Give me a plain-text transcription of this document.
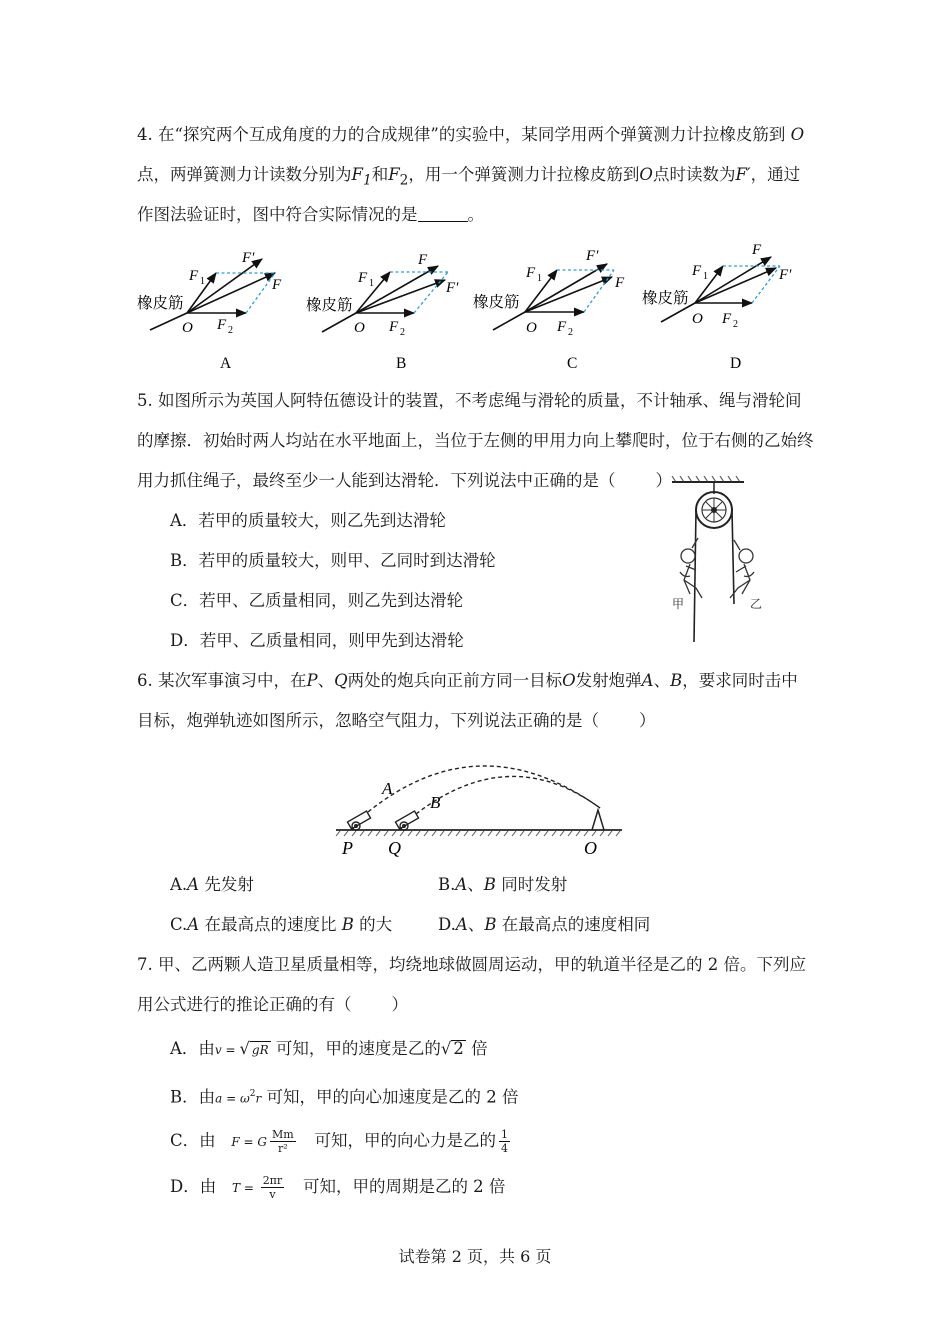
4. 在“探究两个互成角度的力的合成规律”的实验中，某同学用两个弹簧测力计拉橡皮筋到 O
点，两弹簧测力计读数分别为$F_1$和$F_2$，用一个弹簧测力计拉橡皮筋到O点时读数为F′，通过
作图法验证时，图中符合实际情况的是	。
橡皮筋
O
F 1
F 2
F′
F
A
橡皮筋
O
F 1
F 2
F
F′
B
橡皮筋
O
F 1
F 2
F′
F
C
橡皮筋
O
F 1
F 2
F
F′
D
5. 如图所示为英国人阿特伍德设计的装置，不考虑绳与滑轮的质量，不计轴承、绳与滑轮间
的摩擦．初始时两人均站在水平地面上，当位于左侧的甲用力向上攀爬时，位于右侧的乙始终
用力抓住绳子，最终至少一人能到达滑轮．下列说法中正确的是（ ）
A．若甲的质量较大，则乙先到达滑轮
B．若甲的质量较大，则甲、乙同时到达滑轮
C．若甲、乙质量相同，则乙先到达滑轮
D．若甲、乙质量相同，则甲先到达滑轮
甲	乙
6. 某次军事演习中，在P、Q两处的炮兵向正前方同一目标O发射炮弹A、B，要求同时击中
目标，炮弹轨迹如图所示，忽略空气阻力，下列说法正确的是（ ）
A
B
P Q	O
A.A 先发射	B.A、B 同时发射
C.A 在最高点的速度比 B 的大	D.A、B 在最高点的速度相同
7. 甲、乙两颗人造卫星质量相等，均绕地球做圆周运动，甲的轨道半径是乙的 2 倍。下列应
用公式进行的推论正确的有（ ）
A．由v = √ gR 可知，甲的速度是乙的√ 2 倍
B．由$a = \omega^2r$ 可知，甲的向心加速度是乙的 2 倍
C．由 F = G $\frac{Mm}{\text{r²}}$ 可知，甲的向心力是乙的 $\frac{1}{4}$
D．由 $T = \frac{2\pi r}{v}$ 可知，甲的周期是乙的 2 倍
试卷第 2 页，共 6 页
